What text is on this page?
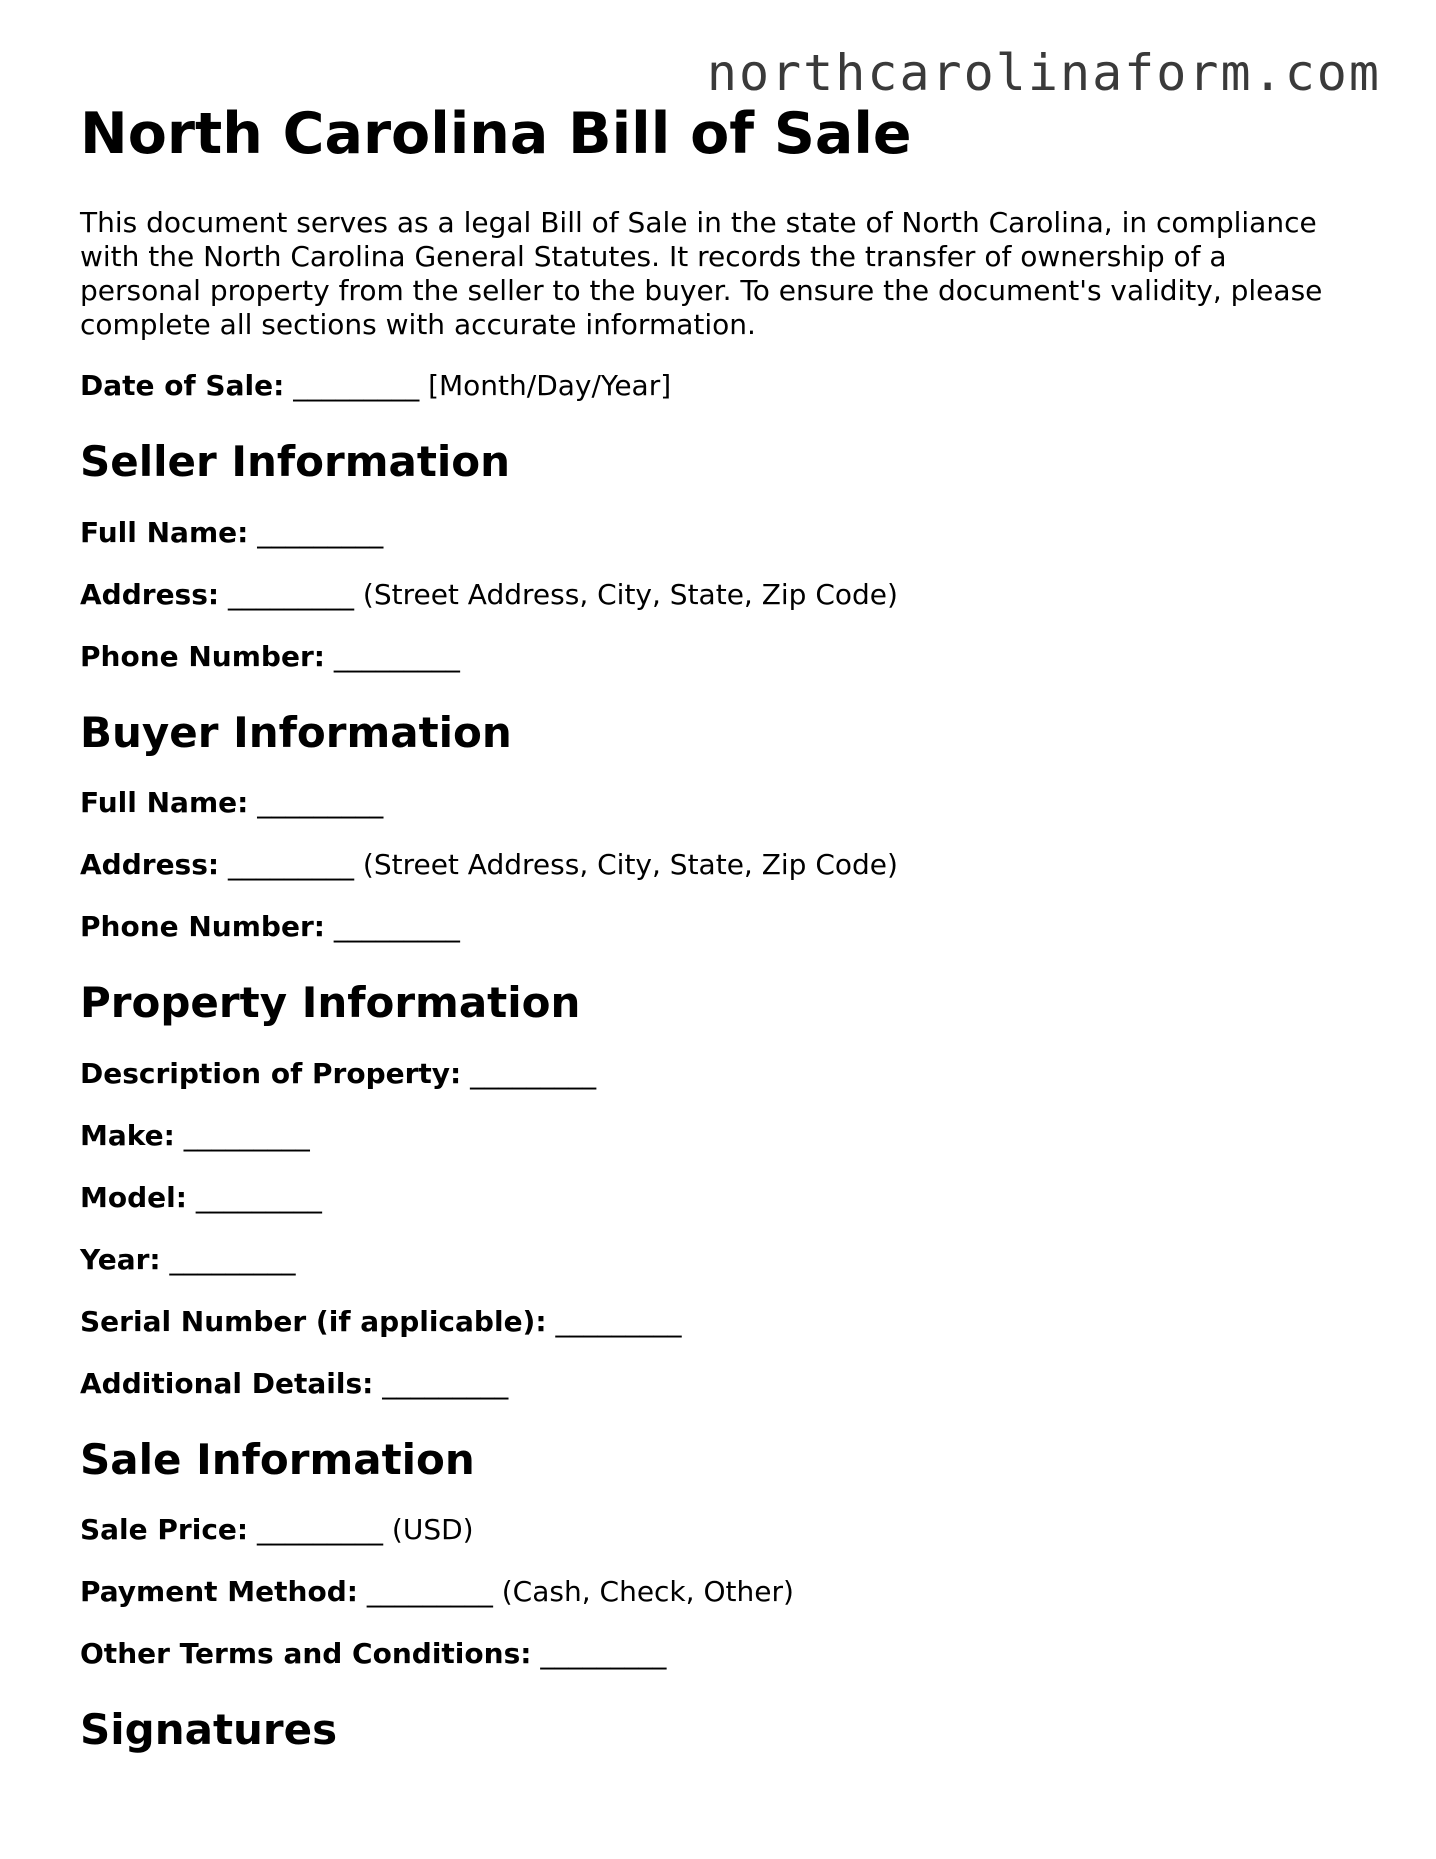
northcarolinaform.com
North Carolina Bill of Sale

This document serves as a legal Bill of Sale in the state of North Carolina, in compliance with the North Carolina General Statutes. It records the transfer of ownership of a personal property from the seller to the buyer. To ensure the document's validity, please complete all sections with accurate information.

Date of Sale: _________ [Month/Day/Year]
Seller Information
Full Name: _________
Address: _________ (Street Address, City, State, Zip Code)
Phone Number: _________
Buyer Information
Full Name: _________
Address: _________ (Street Address, City, State, Zip Code)
Phone Number: _________
Property Information
Description of Property: _________
Make: _________
Model: _________
Year: _________
Serial Number (if applicable): _________
Additional Details: _________
Sale Information
Sale Price: _________ (USD)
Payment Method: _________ (Cash, Check, Other)
Other Terms and Conditions: _________
Signatures
